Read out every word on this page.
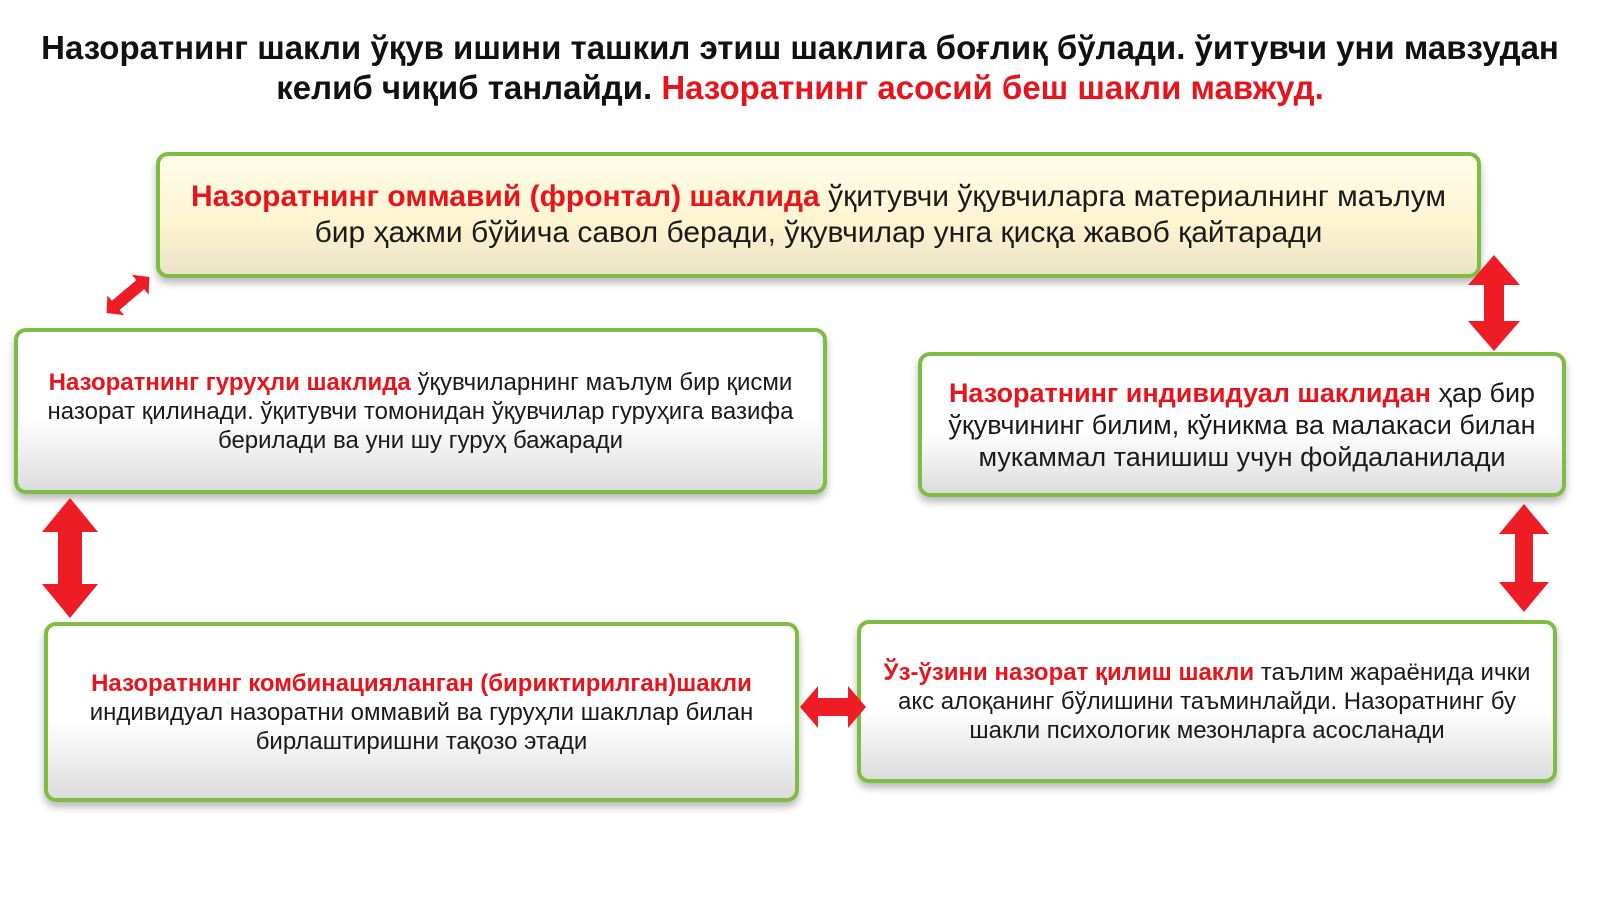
Назоратнинг шакли ўқув ишини ташкил этиш шаклига боғлиқ бўлади. ўитувчи уни мавзудан келиб чиқиб танлайди. Назоратнинг асосий беш шакли мавжуд.
Назоратнинг оммавий (фронтал) шаклида ўқитувчи ўқувчиларга материалнинг маълум бир ҳажми бўйича савол беради, ўқувчилар унга қисқа жавоб қайтаради
Назоратнинг гуруҳли шаклида ўқувчиларнинг маълум бир қисми назорат қилинади. ўқитувчи томонидан ўқувчилар гуруҳига вазифа берилади ва уни шу гуруҳ бажаради
Назоратнинг индивидуал шаклидан ҳар бир ўқувчининг билим, кўникма ва малакаси билан мукаммал танишиш учун фойдаланилади
Назоратнинг комбинацияланган (бириктирилган)шакли индивидуал назоратни оммавий ва гуруҳли шакллар билан бирлаштиришни тақозо этади
Ўз-ўзини назорат қилиш шакли таълим жараёнида ички акс алоқанинг бўлишини таъминлайди. Назоратнинг бу шакли психологик мезонларга асосланади
